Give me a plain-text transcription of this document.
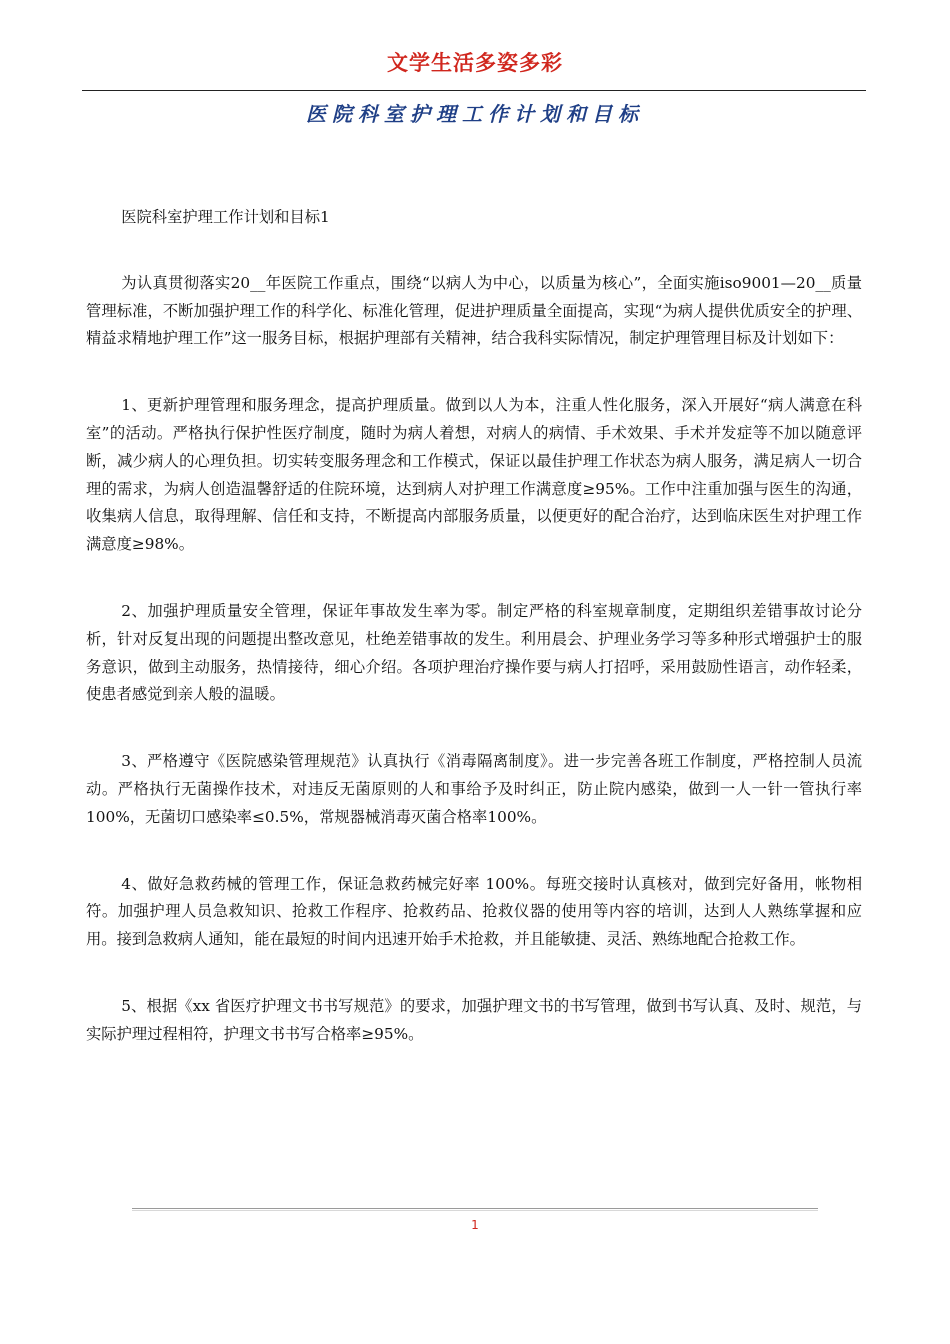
文学生活多姿多彩
医院科室护理工作计划和目标

医院科室护理工作计划和目标1

为认真贯彻落实20__年医院工作重点，围绕“以病人为中心，以质量为核心”，全面实施iso9001—20__质量管理标准，不断加强护理工作的科学化、标准化管理，促进护理质量全面提高，实现“为病人提供优质安全的护理、精益求精地护理工作”这一服务目标，根据护理部有关精神，结合我科实际情况，制定护理管理目标及计划如下：

1、更新护理管理和服务理念，提高护理质量。做到以人为本，注重人性化服务，深入开展好“病人满意在科室”的活动。严格执行保护性医疗制度，随时为病人着想，对病人的病情、手术效果、手术并发症等不加以随意评断，减少病人的心理负担。切实转变服务理念和工作模式，保证以最佳护理工作状态为病人服务，满足病人一切合理的需求，为病人创造温馨舒适的住院环境，达到病人对护理工作满意度≥95%。工作中注重加强与医生的沟通，收集病人信息，取得理解、信任和支持，不断提高内部服务质量，以便更好的配合治疗，达到临床医生对护理工作满意度≥98%。

2、加强护理质量安全管理，保证年事故发生率为零。制定严格的科室规章制度，定期组织差错事故讨论分析，针对反复出现的问题提出整改意见，杜绝差错事故的发生。利用晨会、护理业务学习等多种形式增强护士的服务意识，做到主动服务，热情接待，细心介绍。各项护理治疗操作要与病人打招呼，采用鼓励性语言，动作轻柔，使患者感觉到亲人般的温暖。

3、严格遵守《医院感染管理规范》认真执行《消毒隔离制度》。进一步完善各班工作制度，严格控制人员流动。严格执行无菌操作技术，对违反无菌原则的人和事给予及时纠正，防止院内感染，做到一人一针一管执行率100%，无菌切口感染率≤0.5%，常规器械消毒灭菌合格率100%。

4、做好急救药械的管理工作，保证急救药械完好率 100%。每班交接时认真核对，做到完好备用，帐物相符。加强护理人员急救知识、抢救工作程序、抢救药品、抢救仪器的使用等内容的培训，达到人人熟练掌握和应用。接到急救病人通知，能在最短的时间内迅速开始手术抢救，并且能敏捷、灵活、熟练地配合抢救工作。

5、根据《xx 省医疗护理文书书写规范》的要求，加强护理文书的书写管理，做到书写认真、及时、规范，与实际护理过程相符，护理文书书写合格率≥95%。

1
